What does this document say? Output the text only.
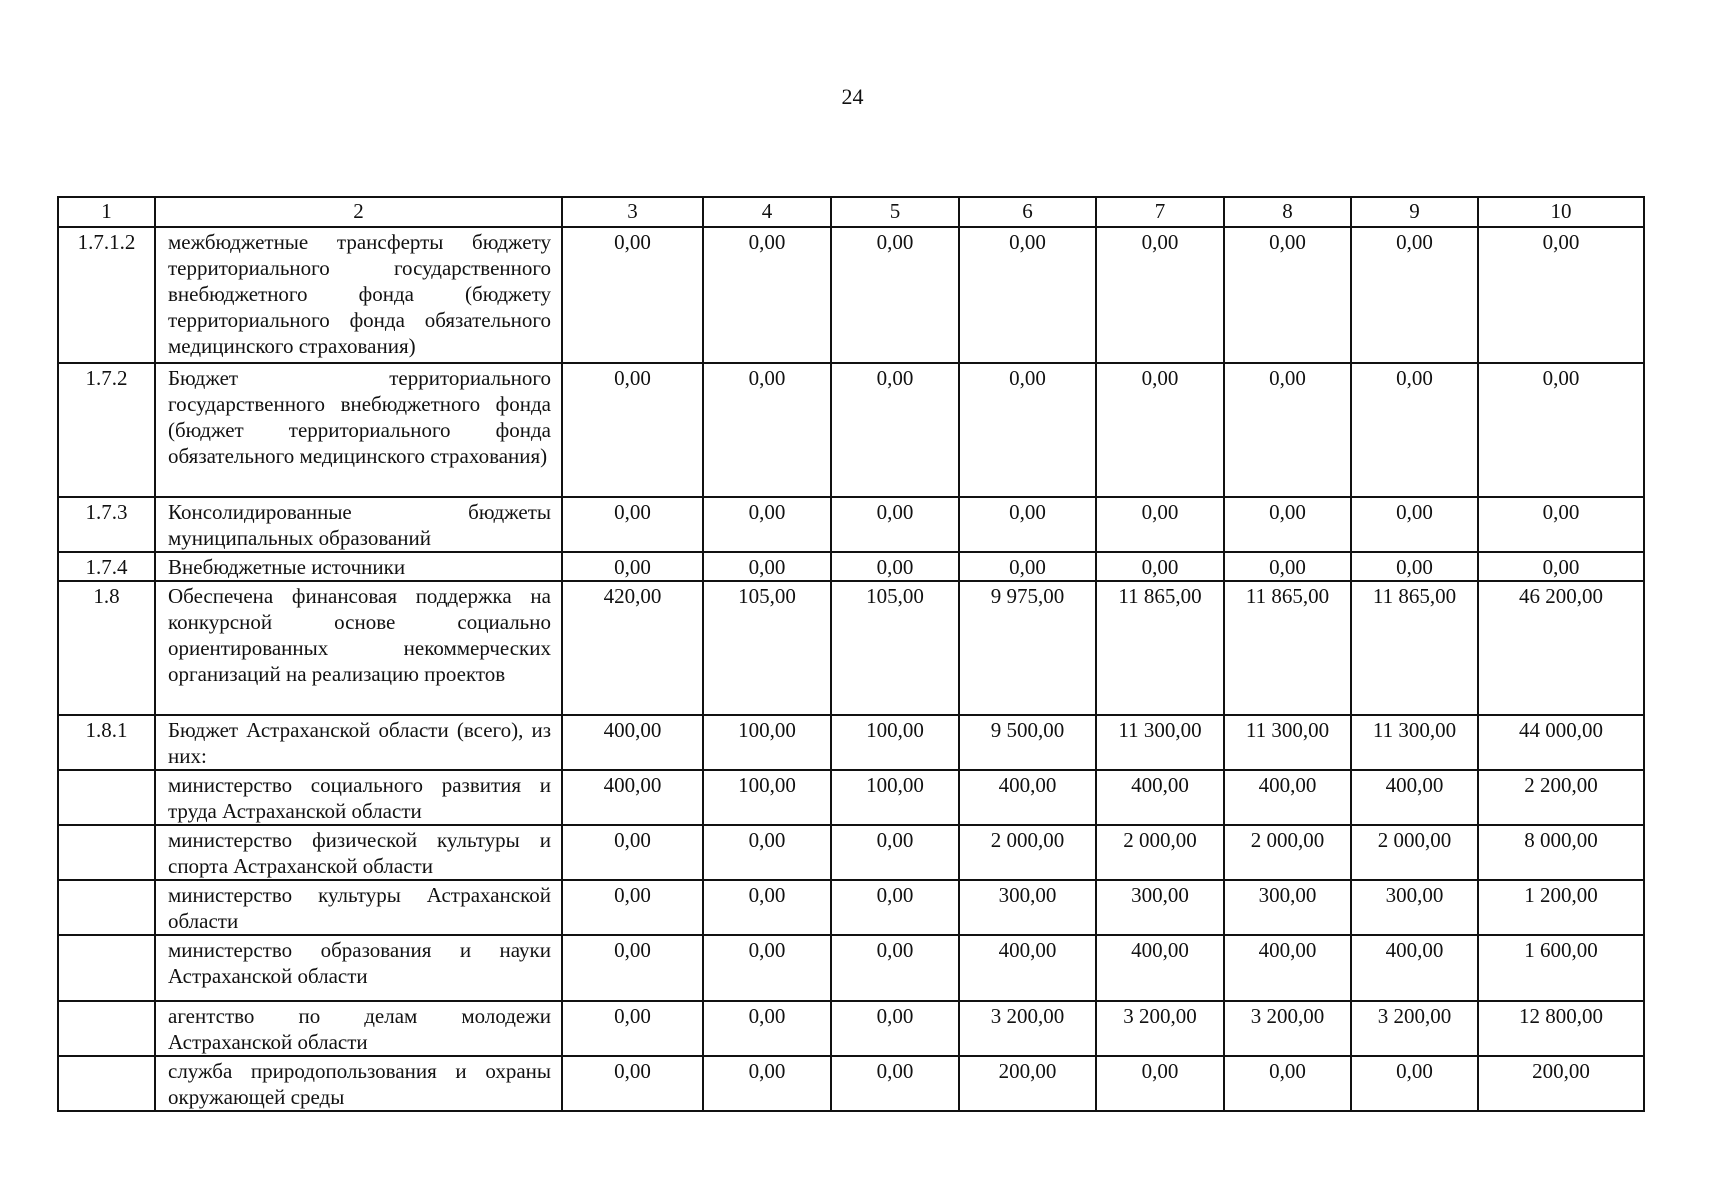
24
1	2	3	4	5	6	7	8	9	10
1.7.1.2	межбюджетные трансферты бюджету территориального государственного внебюджетного фонда (бюджету территориального фонда обязательного медицинского страхования)	0,00	0,00	0,00	0,00	0,00	0,00	0,00	0,00
1.7.2	Бюджет территориального государственного внебюджетного фонда (бюджет территориального фонда обязательного медицинского страхования)	0,00	0,00	0,00	0,00	0,00	0,00	0,00	0,00
1.7.3	Консолидированные бюджеты муниципальных образований	0,00	0,00	0,00	0,00	0,00	0,00	0,00	0,00
1.7.4	Внебюджетные источники	0,00	0,00	0,00	0,00	0,00	0,00	0,00	0,00
1.8	Обеспечена финансовая поддержка на конкурсной основе социально ориентированных некоммерческих организаций на реализацию проектов	420,00	105,00	105,00	9 975,00	11 865,00	11 865,00	11 865,00	46 200,00
1.8.1	Бюджет Астраханской области (всего), из них:	400,00	100,00	100,00	9 500,00	11 300,00	11 300,00	11 300,00	44 000,00
	министерство социального развития и труда Астраханской области	400,00	100,00	100,00	400,00	400,00	400,00	400,00	2 200,00
	министерство физической культуры и спорта Астраханской области	0,00	0,00	0,00	2 000,00	2 000,00	2 000,00	2 000,00	8 000,00
	министерство культуры Астраханской области	0,00	0,00	0,00	300,00	300,00	300,00	300,00	1 200,00
	министерство образования и науки Астраханской области	0,00	0,00	0,00	400,00	400,00	400,00	400,00	1 600,00
	агентство по делам молодежи Астраханской области	0,00	0,00	0,00	3 200,00	3 200,00	3 200,00	3 200,00	12 800,00
	служба природопользования и охраны окружающей среды	0,00	0,00	0,00	200,00	0,00	0,00	0,00	200,00
